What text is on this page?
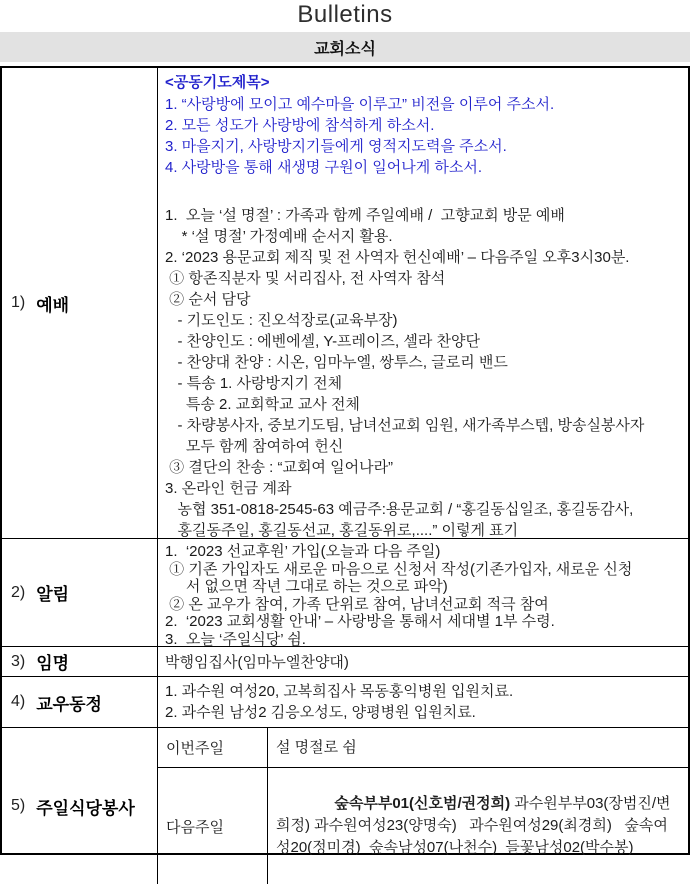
Bulletins
교회소식
1) 예배
<공동기도제목>
1. “사랑방에 모이고 예수마을 이루고” 비전을 이루어 주소서.
2. 모든 성도가 사랑방에 참석하게 하소서.
3. 마을지기, 사랑방지기들에게 영적지도력을 주소서.
4. 사랑방을 통해 새생명 구원이 일어나게 하소서.
1.  오늘 ‘설 명절’ : 가족과 함께 주일예배 /  고향교회 방문 예배
* ‘설 명절’ 가정예배 순서지 활용.
2. ‘2023 용문교회 제직 및 전 사역자 헌신예배’ – 다음주일 오후3시30분.
① 항존직분자 및 서리집사, 전 사역자 참석
② 순서 담당
- 기도인도 : 진오석장로(교육부장)
- 찬양인도 : 에벤에셀, Y-프레이즈, 셀라 찬양단
- 찬양대 찬양 : 시온, 임마누엘, 쌍투스, 글로리 밴드
- 특송 1. 사랑방지기 전체
특송 2. 교회학교 교사 전체
- 차량봉사자, 중보기도팀, 남녀선교회 임원, 새가족부스텝, 방송실봉사자
모두 함께 참여하여 헌신
③ 결단의 찬송 : “교회여 일어나라”
3. 온라인 헌금 계좌
농협 351-0818-2545-63 예금주:용문교회 / “홍길동십일조, 홍길동감사,
홍길동주일, 홍길동선교, 홍길동위로,....” 이렇게 표기
2) 알림
1.  ‘2023 선교후원’ 가입(오늘과 다음 주일)
① 기존 가입자도 새로운 마음으로 신청서 작성(기존가입자, 새로운 신청
서 없으면 작년 그대로 하는 것으로 파악)
② 온 교우가 참여, 가족 단위로 참여, 남녀선교회 적극 참여
2.  ‘2023 교회생활 안내’ – 사랑방을 통해서 세대별 1부 수령.
3.  오늘 ‘주일식당’ 쉼.
3) 임명	박행임집사(임마누엘찬양대)
4) 교우동정
1. 과수원 여성20, 고복희집사 목동홍익병원 입원치료.
2. 과수원 남성2 김응오성도, 양평병원 입원치료.
5) 주일식당봉사
이번주일	설 명절로 쉼
다음주일

숲속부부01(신호범/권정희) 과수원부부03(장범진/변희정) 과수원여성23(양명숙)   과수원여성29(최경희)   숲속여성20(정미경)  숲속남성07(나천수)  들꽃남성02(박수봉)
